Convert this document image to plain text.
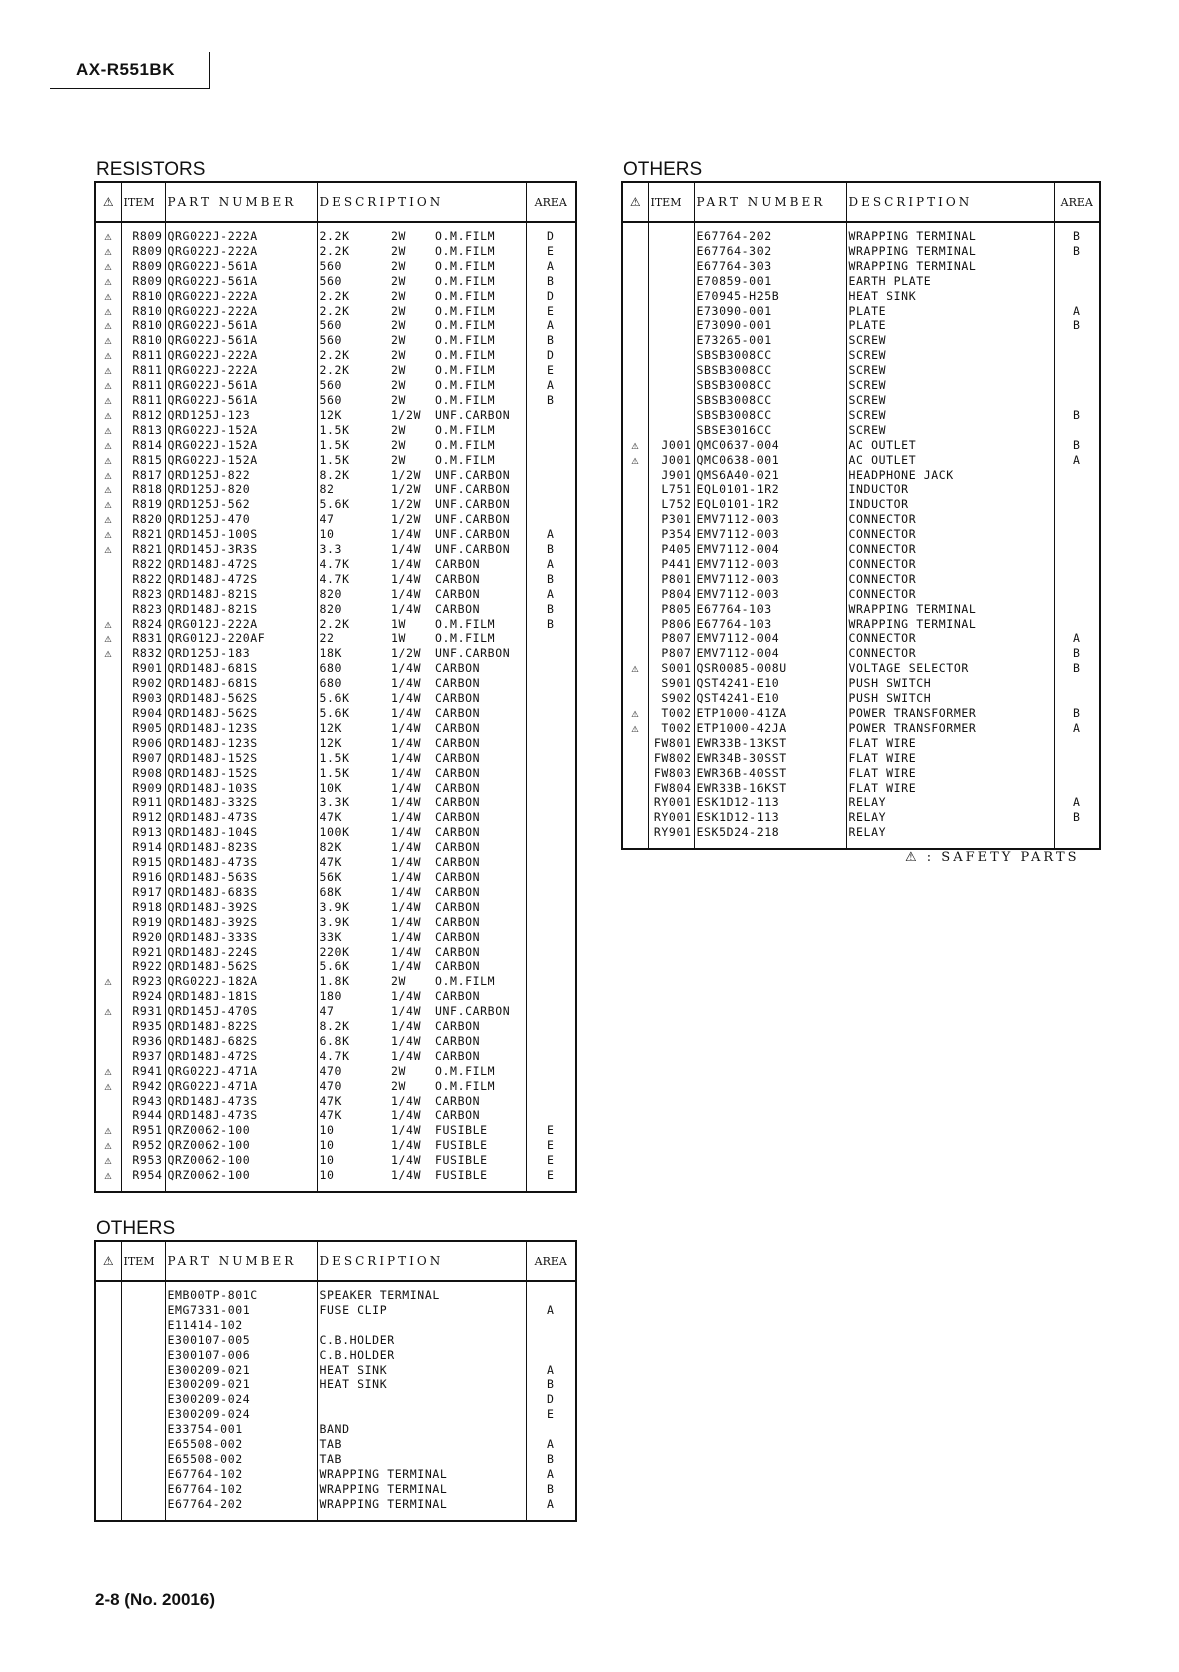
AX-R551BK
RESISTORS
⚠	ITEM	PART NUMBER	DESCRIPTION			AREA
⚠	R809	QRG022J-222A	2.2K	2W	O.M.FILM	D
⚠	R809	QRG022J-222A	2.2K	2W	O.M.FILM	E
⚠	R809	QRG022J-561A	560	2W	O.M.FILM	A
⚠	R809	QRG022J-561A	560	2W	O.M.FILM	B
⚠	R810	QRG022J-222A	2.2K	2W	O.M.FILM	D
⚠	R810	QRG022J-222A	2.2K	2W	O.M.FILM	E
⚠	R810	QRG022J-561A	560	2W	O.M.FILM	A
⚠	R810	QRG022J-561A	560	2W	O.M.FILM	B
⚠	R811	QRG022J-222A	2.2K	2W	O.M.FILM	D
⚠	R811	QRG022J-222A	2.2K	2W	O.M.FILM	E
⚠	R811	QRG022J-561A	560	2W	O.M.FILM	A
⚠	R811	QRG022J-561A	560	2W	O.M.FILM	B
⚠	R812	QRD125J-123	12K	1/2W	UNF.CARBON	
⚠	R813	QRG022J-152A	1.5K	2W	O.M.FILM	
⚠	R814	QRG022J-152A	1.5K	2W	O.M.FILM	
⚠	R815	QRG022J-152A	1.5K	2W	O.M.FILM	
⚠	R817	QRD125J-822	8.2K	1/2W	UNF.CARBON	
⚠	R818	QRD125J-820	82	1/2W	UNF.CARBON	
⚠	R819	QRD125J-562	5.6K	1/2W	UNF.CARBON	
⚠	R820	QRD125J-470	47	1/2W	UNF.CARBON	
⚠	R821	QRD145J-100S	10	1/4W	UNF.CARBON	A
⚠	R821	QRD145J-3R3S	3.3	1/4W	UNF.CARBON	B
	R822	QRD148J-472S	4.7K	1/4W	CARBON	A
	R822	QRD148J-472S	4.7K	1/4W	CARBON	B
	R823	QRD148J-821S	820	1/4W	CARBON	A
	R823	QRD148J-821S	820	1/4W	CARBON	B
⚠	R824	QRG012J-222A	2.2K	1W	O.M.FILM	B
⚠	R831	QRG012J-220AF	22	1W	O.M.FILM	
⚠	R832	QRD125J-183	18K	1/2W	UNF.CARBON	
	R901	QRD148J-681S	680	1/4W	CARBON	
	R902	QRD148J-681S	680	1/4W	CARBON	
	R903	QRD148J-562S	5.6K	1/4W	CARBON	
	R904	QRD148J-562S	5.6K	1/4W	CARBON	
	R905	QRD148J-123S	12K	1/4W	CARBON	
	R906	QRD148J-123S	12K	1/4W	CARBON	
	R907	QRD148J-152S	1.5K	1/4W	CARBON	
	R908	QRD148J-152S	1.5K	1/4W	CARBON	
	R909	QRD148J-103S	10K	1/4W	CARBON	
	R911	QRD148J-332S	3.3K	1/4W	CARBON	
	R912	QRD148J-473S	47K	1/4W	CARBON	
	R913	QRD148J-104S	100K	1/4W	CARBON	
	R914	QRD148J-823S	82K	1/4W	CARBON	
	R915	QRD148J-473S	47K	1/4W	CARBON	
	R916	QRD148J-563S	56K	1/4W	CARBON	
	R917	QRD148J-683S	68K	1/4W	CARBON	
	R918	QRD148J-392S	3.9K	1/4W	CARBON	
	R919	QRD148J-392S	3.9K	1/4W	CARBON	
	R920	QRD148J-333S	33K	1/4W	CARBON	
	R921	QRD148J-224S	220K	1/4W	CARBON	
	R922	QRD148J-562S	5.6K	1/4W	CARBON	
⚠	R923	QRG022J-182A	1.8K	2W	O.M.FILM	
	R924	QRD148J-181S	180	1/4W	CARBON	
⚠	R931	QRD145J-470S	47	1/4W	UNF.CARBON	
	R935	QRD148J-822S	8.2K	1/4W	CARBON	
	R936	QRD148J-682S	6.8K	1/4W	CARBON	
	R937	QRD148J-472S	4.7K	1/4W	CARBON	
⚠	R941	QRG022J-471A	470	2W	O.M.FILM	
⚠	R942	QRG022J-471A	470	2W	O.M.FILM	
	R943	QRD148J-473S	47K	1/4W	CARBON	
	R944	QRD148J-473S	47K	1/4W	CARBON	
⚠	R951	QRZ0062-100	10	1/4W	FUSIBLE	E
⚠	R952	QRZ0062-100	10	1/4W	FUSIBLE	E
⚠	R953	QRZ0062-100	10	1/4W	FUSIBLE	E
⚠	R954	QRZ0062-100	10	1/4W	FUSIBLE	E
OTHERS
⚠	ITEM	PART NUMBER	DESCRIPTION	AREA
		EMB00TP-801C	SPEAKER TERMINAL	
		EMG7331-001	FUSE CLIP	A
		E11414-102		
		E300107-005	C.B.HOLDER	
		E300107-006	C.B.HOLDER	
		E300209-021	HEAT SINK	A
		E300209-021	HEAT SINK	B
		E300209-024		D
		E300209-024		E
		E33754-001	BAND	
		E65508-002	TAB	A
		E65508-002	TAB	B
		E67764-102	WRAPPING TERMINAL	A
		E67764-102	WRAPPING TERMINAL	B
		E67764-202	WRAPPING TERMINAL	A
OTHERS
⚠	ITEM	PART NUMBER	DESCRIPTION	AREA
		E67764-202	WRAPPING TERMINAL	B
		E67764-302	WRAPPING TERMINAL	B
		E67764-303	WRAPPING TERMINAL	
		E70859-001	EARTH PLATE	
		E70945-H25B	HEAT SINK	
		E73090-001	PLATE	A
		E73090-001	PLATE	B
		E73265-001	SCREW	
		SBSB3008CC	SCREW	
		SBSB3008CC	SCREW	
		SBSB3008CC	SCREW	
		SBSB3008CC	SCREW	
		SBSB3008CC	SCREW	B
		SBSE3016CC	SCREW	
⚠	J001	QMC0637-004	AC OUTLET	B
⚠	J001	QMC0638-001	AC OUTLET	A
	J901	QMS6A40-021	HEADPHONE JACK	
	L751	EQL0101-1R2	INDUCTOR	
	L752	EQL0101-1R2	INDUCTOR	
	P301	EMV7112-003	CONNECTOR	
	P354	EMV7112-003	CONNECTOR	
	P405	EMV7112-004	CONNECTOR	
	P441	EMV7112-003	CONNECTOR	
	P801	EMV7112-003	CONNECTOR	
	P804	EMV7112-003	CONNECTOR	
	P805	E67764-103	WRAPPING TERMINAL	
	P806	E67764-103	WRAPPING TERMINAL	
	P807	EMV7112-004	CONNECTOR	A
	P807	EMV7112-004	CONNECTOR	B
⚠	S001	QSR0085-008U	VOLTAGE SELECTOR	B
	S901	QST4241-E10	PUSH SWITCH	
	S902	QST4241-E10	PUSH SWITCH	
⚠	T002	ETP1000-41ZA	POWER TRANSFORMER	B
⚠	T002	ETP1000-42JA	POWER TRANSFORMER	A
	FW801	EWR33B-13KST	FLAT WIRE	
	FW802	EWR34B-30SST	FLAT WIRE	
	FW803	EWR36B-40SST	FLAT WIRE	
	FW804	EWR33B-16KST	FLAT WIRE	
	RY001	ESK1D12-113	RELAY	A
	RY001	ESK1D12-113	RELAY	B
	RY901	ESK5D24-218	RELAY	
⚠ : SAFETY PARTS
2-8 (No. 20016)
